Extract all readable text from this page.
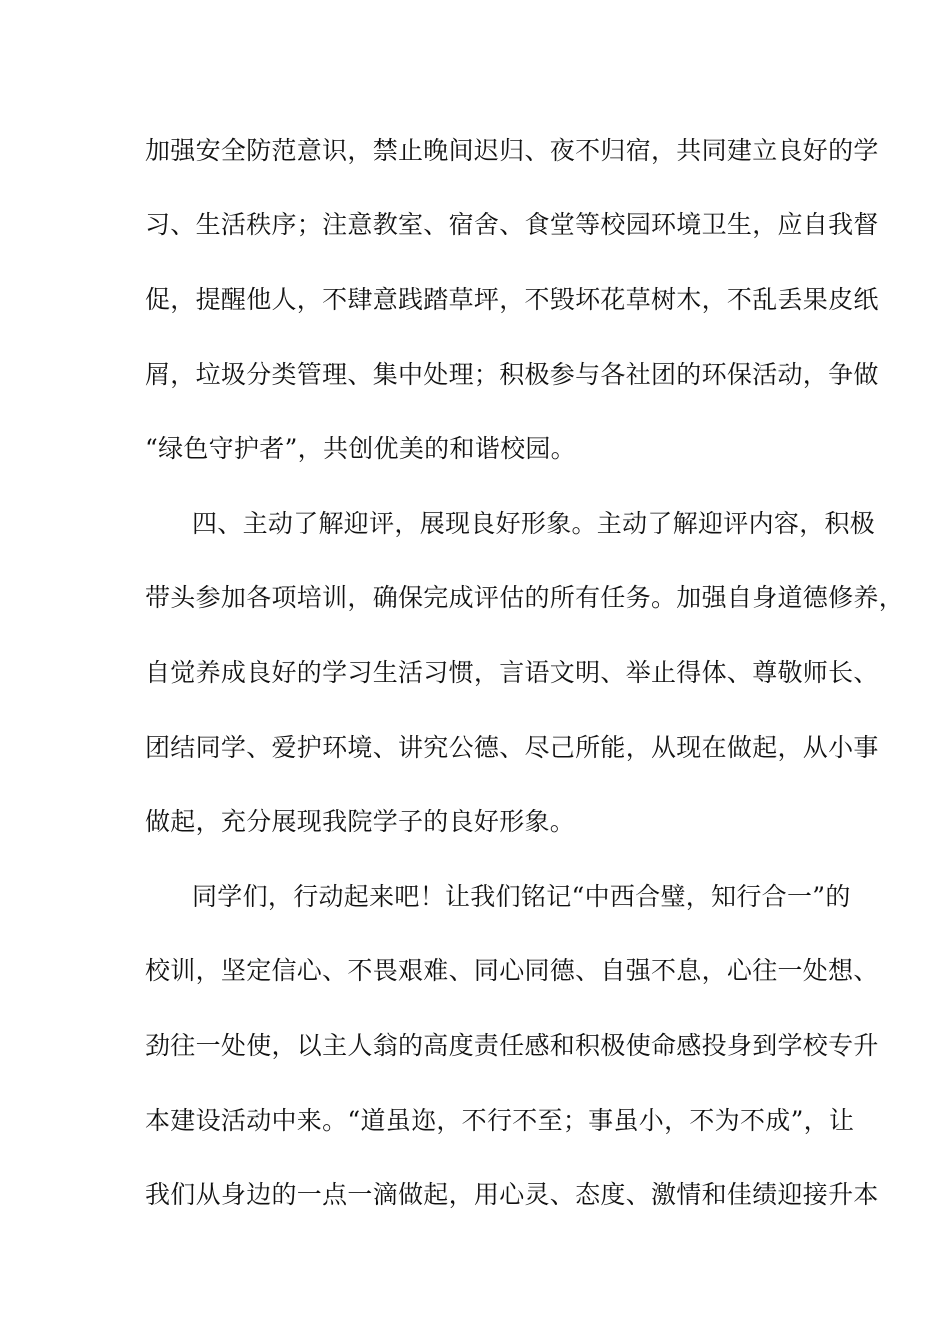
加强安全防范意识，禁止晚间迟归、夜不归宿，共同建立良好的学
习、生活秩序；注意教室、宿舍、食堂等校园环境卫生，应自我督
促，提醒他人，不肆意践踏草坪，不毁坏花草树木，不乱丢果皮纸
屑，垃圾分类管理、集中处理；积极参与各社团的环保活动，争做
“绿色守护者”，共创优美的和谐校园。
四、主动了解迎评，展现良好形象。主动了解迎评内容，积极
带头参加各项培训，确保完成评估的所有任务。加强自身道德修养，
自觉养成良好的学习生活习惯，言语文明、举止得体、尊敬师长、
团结同学、爱护环境、讲究公德、尽己所能，从现在做起，从小事
做起，充分展现我院学子的良好形象。
同学们，行动起来吧！让我们铭记“中西合璧，知行合一”的
校训，坚定信心、不畏艰难、同心同德、自强不息，心往一处想、
劲往一处使，以主人翁的高度责任感和积极使命感投身到学校专升
本建设活动中来。“道虽迩，不行不至；事虽小，不为不成”，让
我们从身边的一点一滴做起，用心灵、态度、激情和佳绩迎接升本
